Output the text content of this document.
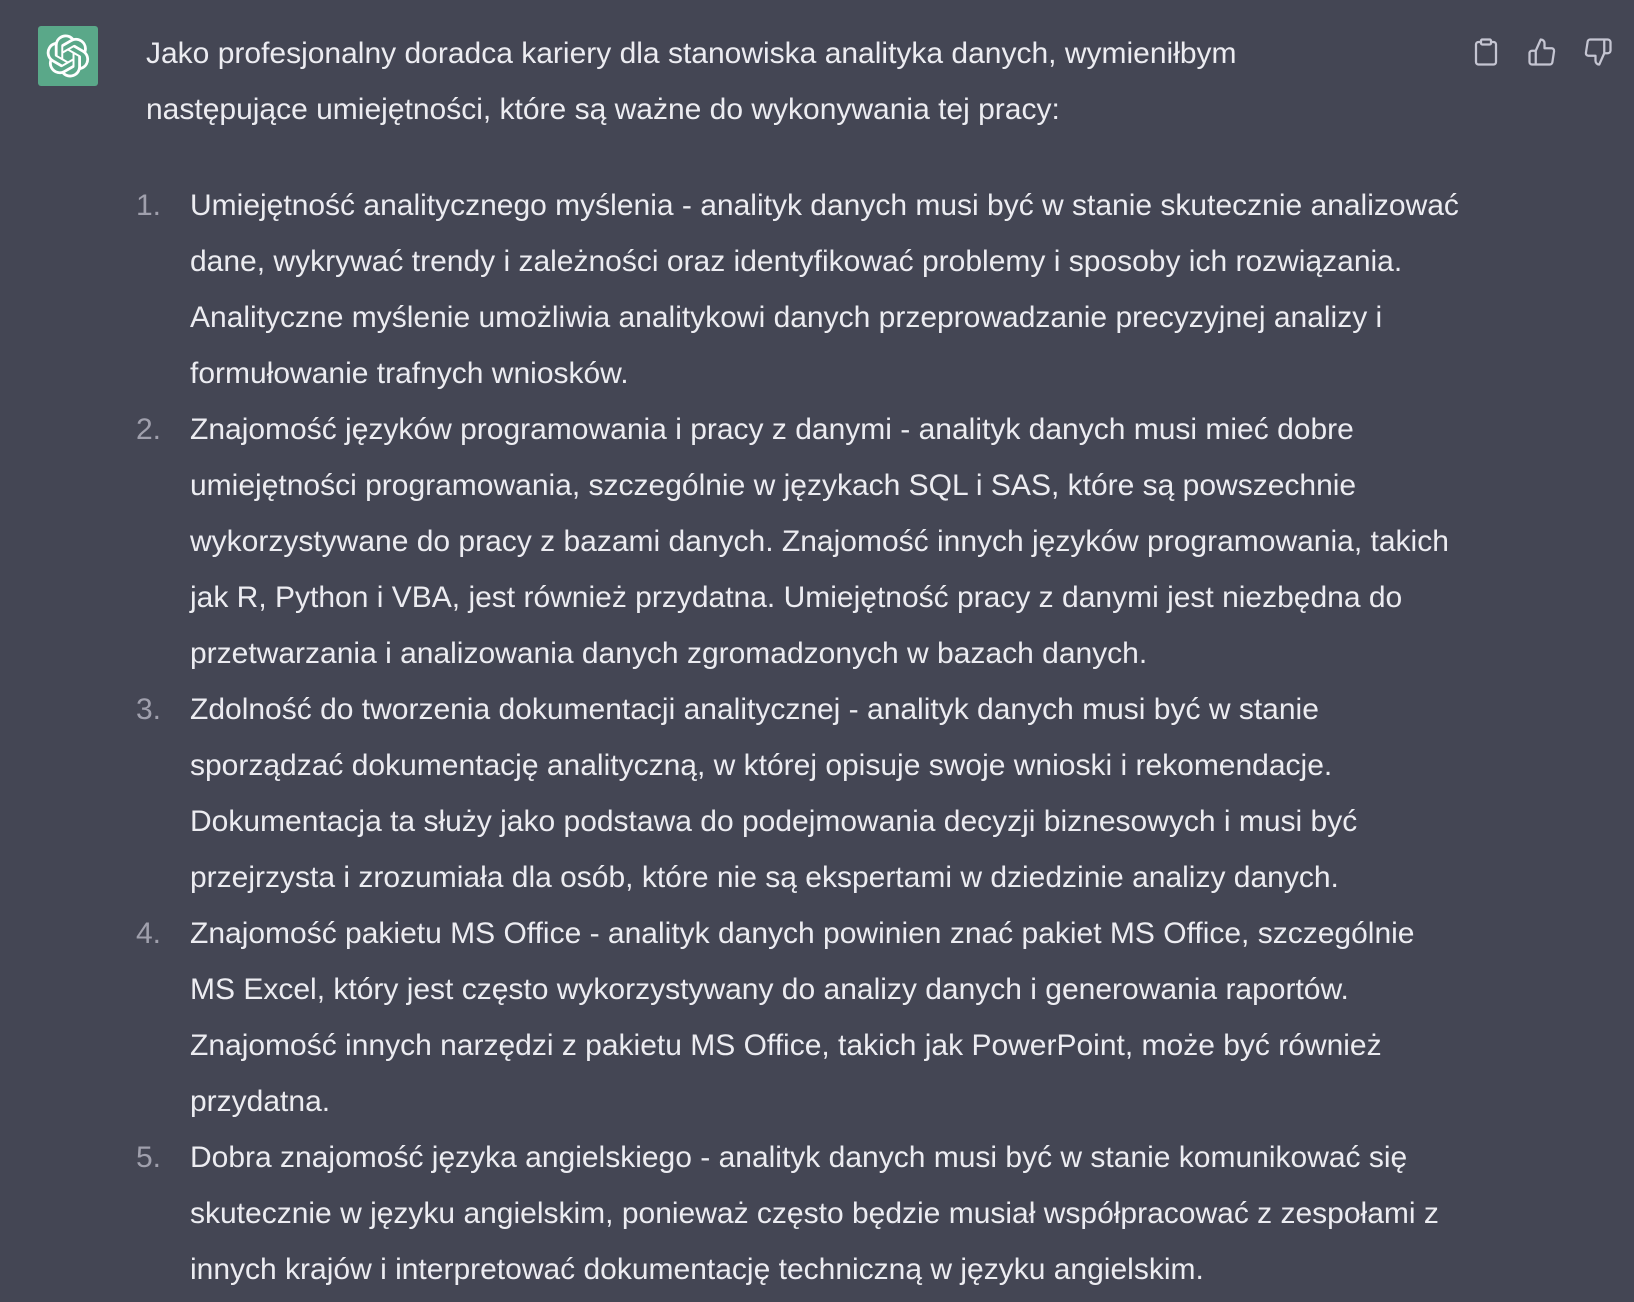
Jako profesjonalny doradca kariery dla stanowiska analityka danych, wymieniłbym następujące umiejętności, które są ważne do wykonywania tej pracy:

1. Umiejętność analitycznego myślenia - analityk danych musi być w stanie skutecznie analizować dane, wykrywać trendy i zależności oraz identyfikować problemy i sposoby ich rozwiązania. Analityczne myślenie umożliwia analitykowi danych przeprowadzanie precyzyjnej analizy i formułowanie trafnych wniosków.
2. Znajomość języków programowania i pracy z danymi - analityk danych musi mieć dobre umiejętności programowania, szczególnie w językach SQL i SAS, które są powszechnie wykorzystywane do pracy z bazami danych. Znajomość innych języków programowania, takich jak R, Python i VBA, jest również przydatna. Umiejętność pracy z danymi jest niezbędna do przetwarzania i analizowania danych zgromadzonych w bazach danych.
3. Zdolność do tworzenia dokumentacji analitycznej - analityk danych musi być w stanie sporządzać dokumentację analityczną, w której opisuje swoje wnioski i rekomendacje. Dokumentacja ta służy jako podstawa do podejmowania decyzji biznesowych i musi być przejrzysta i zrozumiała dla osób, które nie są ekspertami w dziedzinie analizy danych.
4. Znajomość pakietu MS Office - analityk danych powinien znać pakiet MS Office, szczególnie MS Excel, który jest często wykorzystywany do analizy danych i generowania raportów. Znajomość innych narzędzi z pakietu MS Office, takich jak PowerPoint, może być również przydatna.
5. Dobra znajomość języka angielskiego - analityk danych musi być w stanie komunikować się skutecznie w języku angielskim, ponieważ często będzie musiał współpracować z zespołami z innych krajów i interpretować dokumentację techniczną w języku angielskim.
